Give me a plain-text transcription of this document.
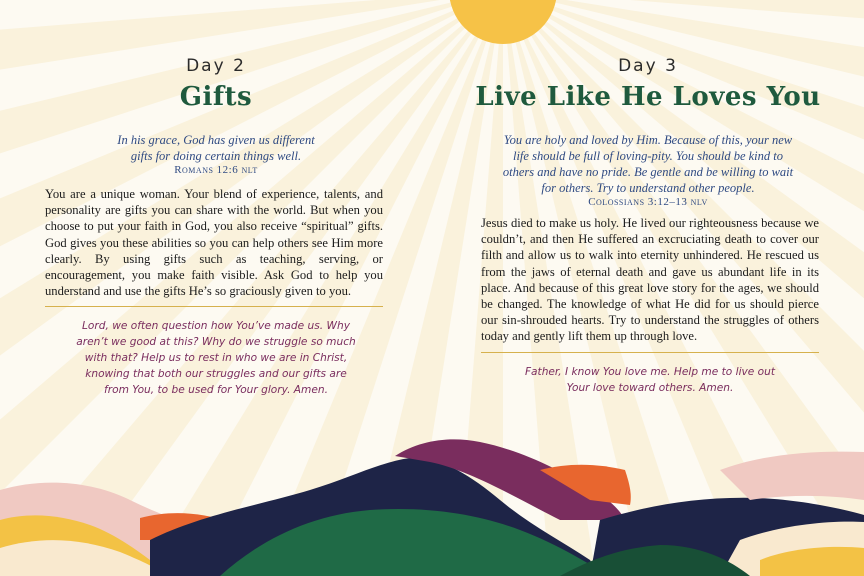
Day 2
Gifts
In his grace, God has given us different gifts for doing certain things well.
Romans 12:6 nlt
You are a unique woman. Your blend of experience, talents, and personality are gifts you can share with the world. But when you choose to put your faith in God, you also receive “spiritual” gifts. God gives you these abilities so you can help others see Him more clearly. By using gifts such as teaching, serving, or encouragement, you make faith visible. Ask God to help you understand and use the gifts He’s so graciously given to you.
Lord, we often question how You’ve made us. Why aren’t we good at this? Why do we struggle so much with that? Help us to rest in who we are in Christ, knowing that both our struggles and our gifts are from You, to be used for Your glory. Amen.
Day 3
Live Like He Loves You
You are holy and loved by Him. Because of this, your new life should be full of loving-pity. You should be kind to others and have no pride. Be gentle and be willing to wait for others. Try to understand other people.
Colossians 3:12–13 nlv
Jesus died to make us holy. He lived our righteousness because we couldn’t, and then He suffered an excruciating death to cover our filth and allow us to walk into eternity unhindered. He rescued us from the jaws of eternal death and gave us abundant life in its place. And because of this great love story for the ages, we should be changed. The knowledge of what He did for us should pierce our sin-shrouded hearts. Try to understand the struggles of others today and gently lift them up through love.
Father, I know You love me. Help me to live out Your love toward others. Amen.
